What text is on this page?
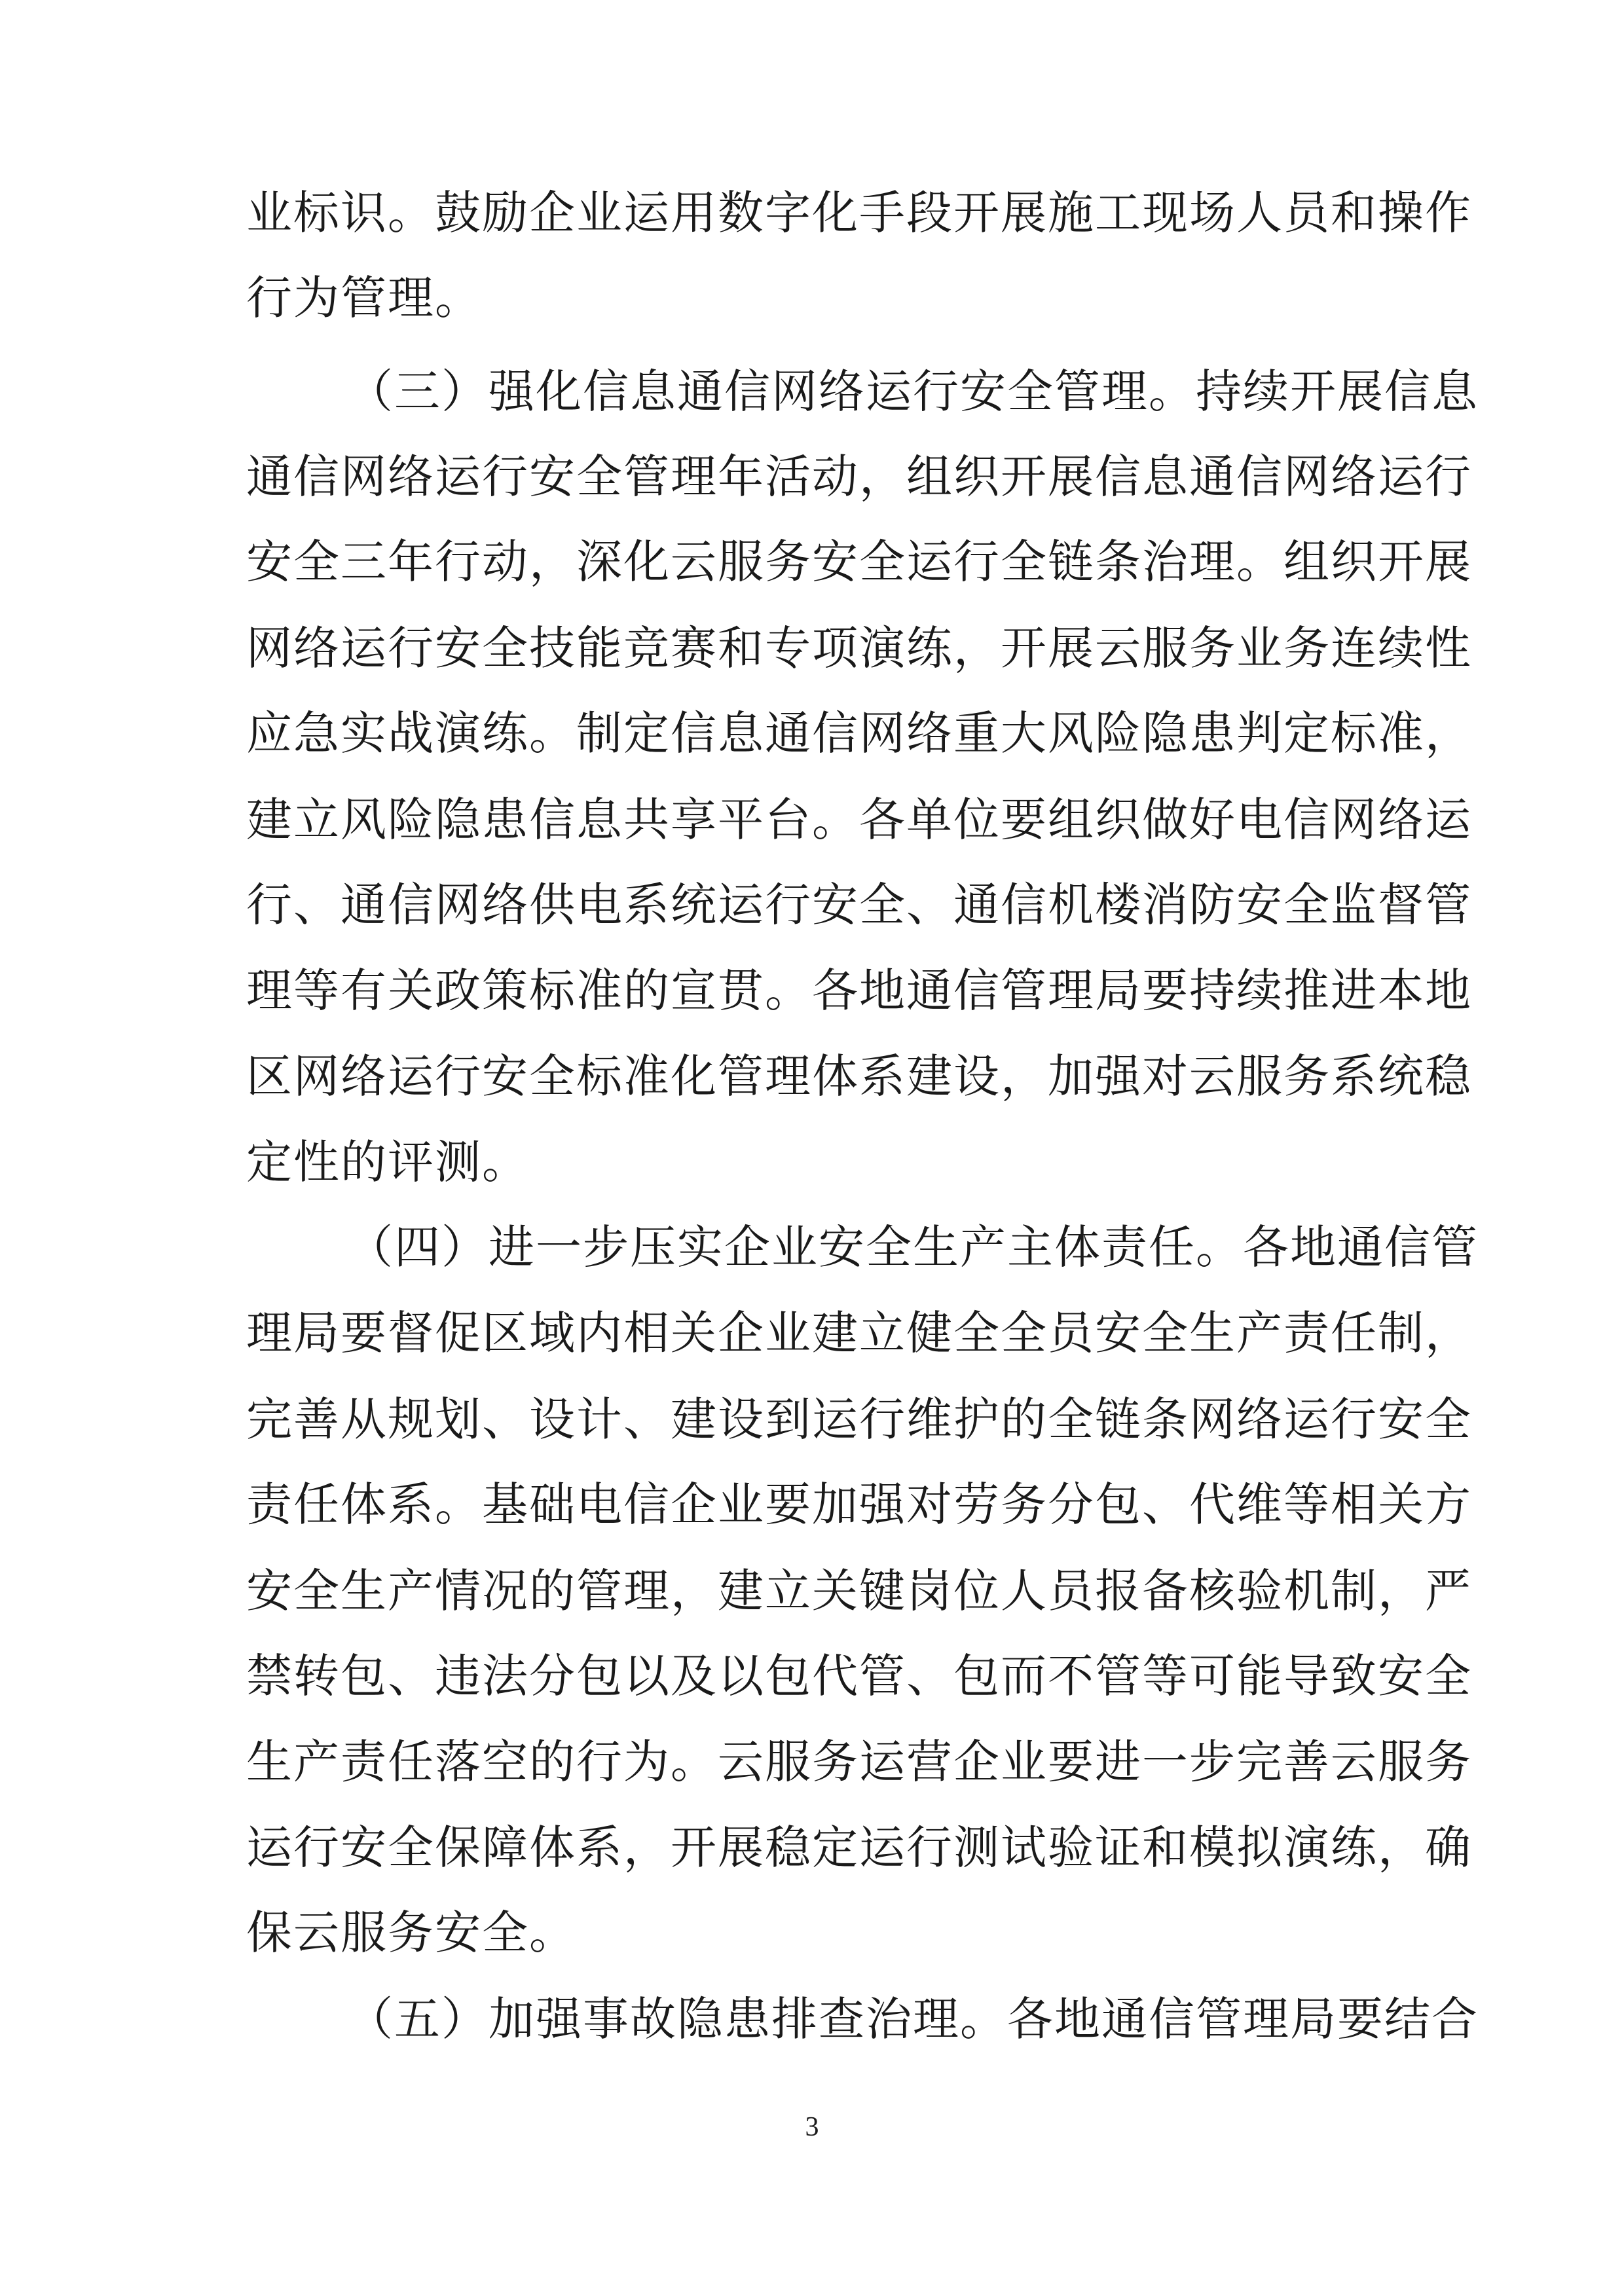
业标识。鼓励企业运用数字化手段开展施工现场人员和操作
行为管理。
（三）强化信息通信网络运行安全管理。持续开展信息
通信网络运行安全管理年活动，组织开展信息通信网络运行
安全三年行动，深化云服务安全运行全链条治理。组织开展
网络运行安全技能竞赛和专项演练，开展云服务业务连续性
应急实战演练。制定信息通信网络重大风险隐患判定标准，
建立风险隐患信息共享平台。各单位要组织做好电信网络运
行、通信网络供电系统运行安全、通信机楼消防安全监督管
理等有关政策标准的宣贯。各地通信管理局要持续推进本地
区网络运行安全标准化管理体系建设，加强对云服务系统稳
定性的评测。
（四）进一步压实企业安全生产主体责任。各地通信管
理局要督促区域内相关企业建立健全全员安全生产责任制，
完善从规划、设计、建设到运行维护的全链条网络运行安全
责任体系。基础电信企业要加强对劳务分包、代维等相关方
安全生产情况的管理，建立关键岗位人员报备核验机制，严
禁转包、违法分包以及以包代管、包而不管等可能导致安全
生产责任落空的行为。云服务运营企业要进一步完善云服务
运行安全保障体系，开展稳定运行测试验证和模拟演练，确
保云服务安全。
（五）加强事故隐患排查治理。各地通信管理局要结合
3
